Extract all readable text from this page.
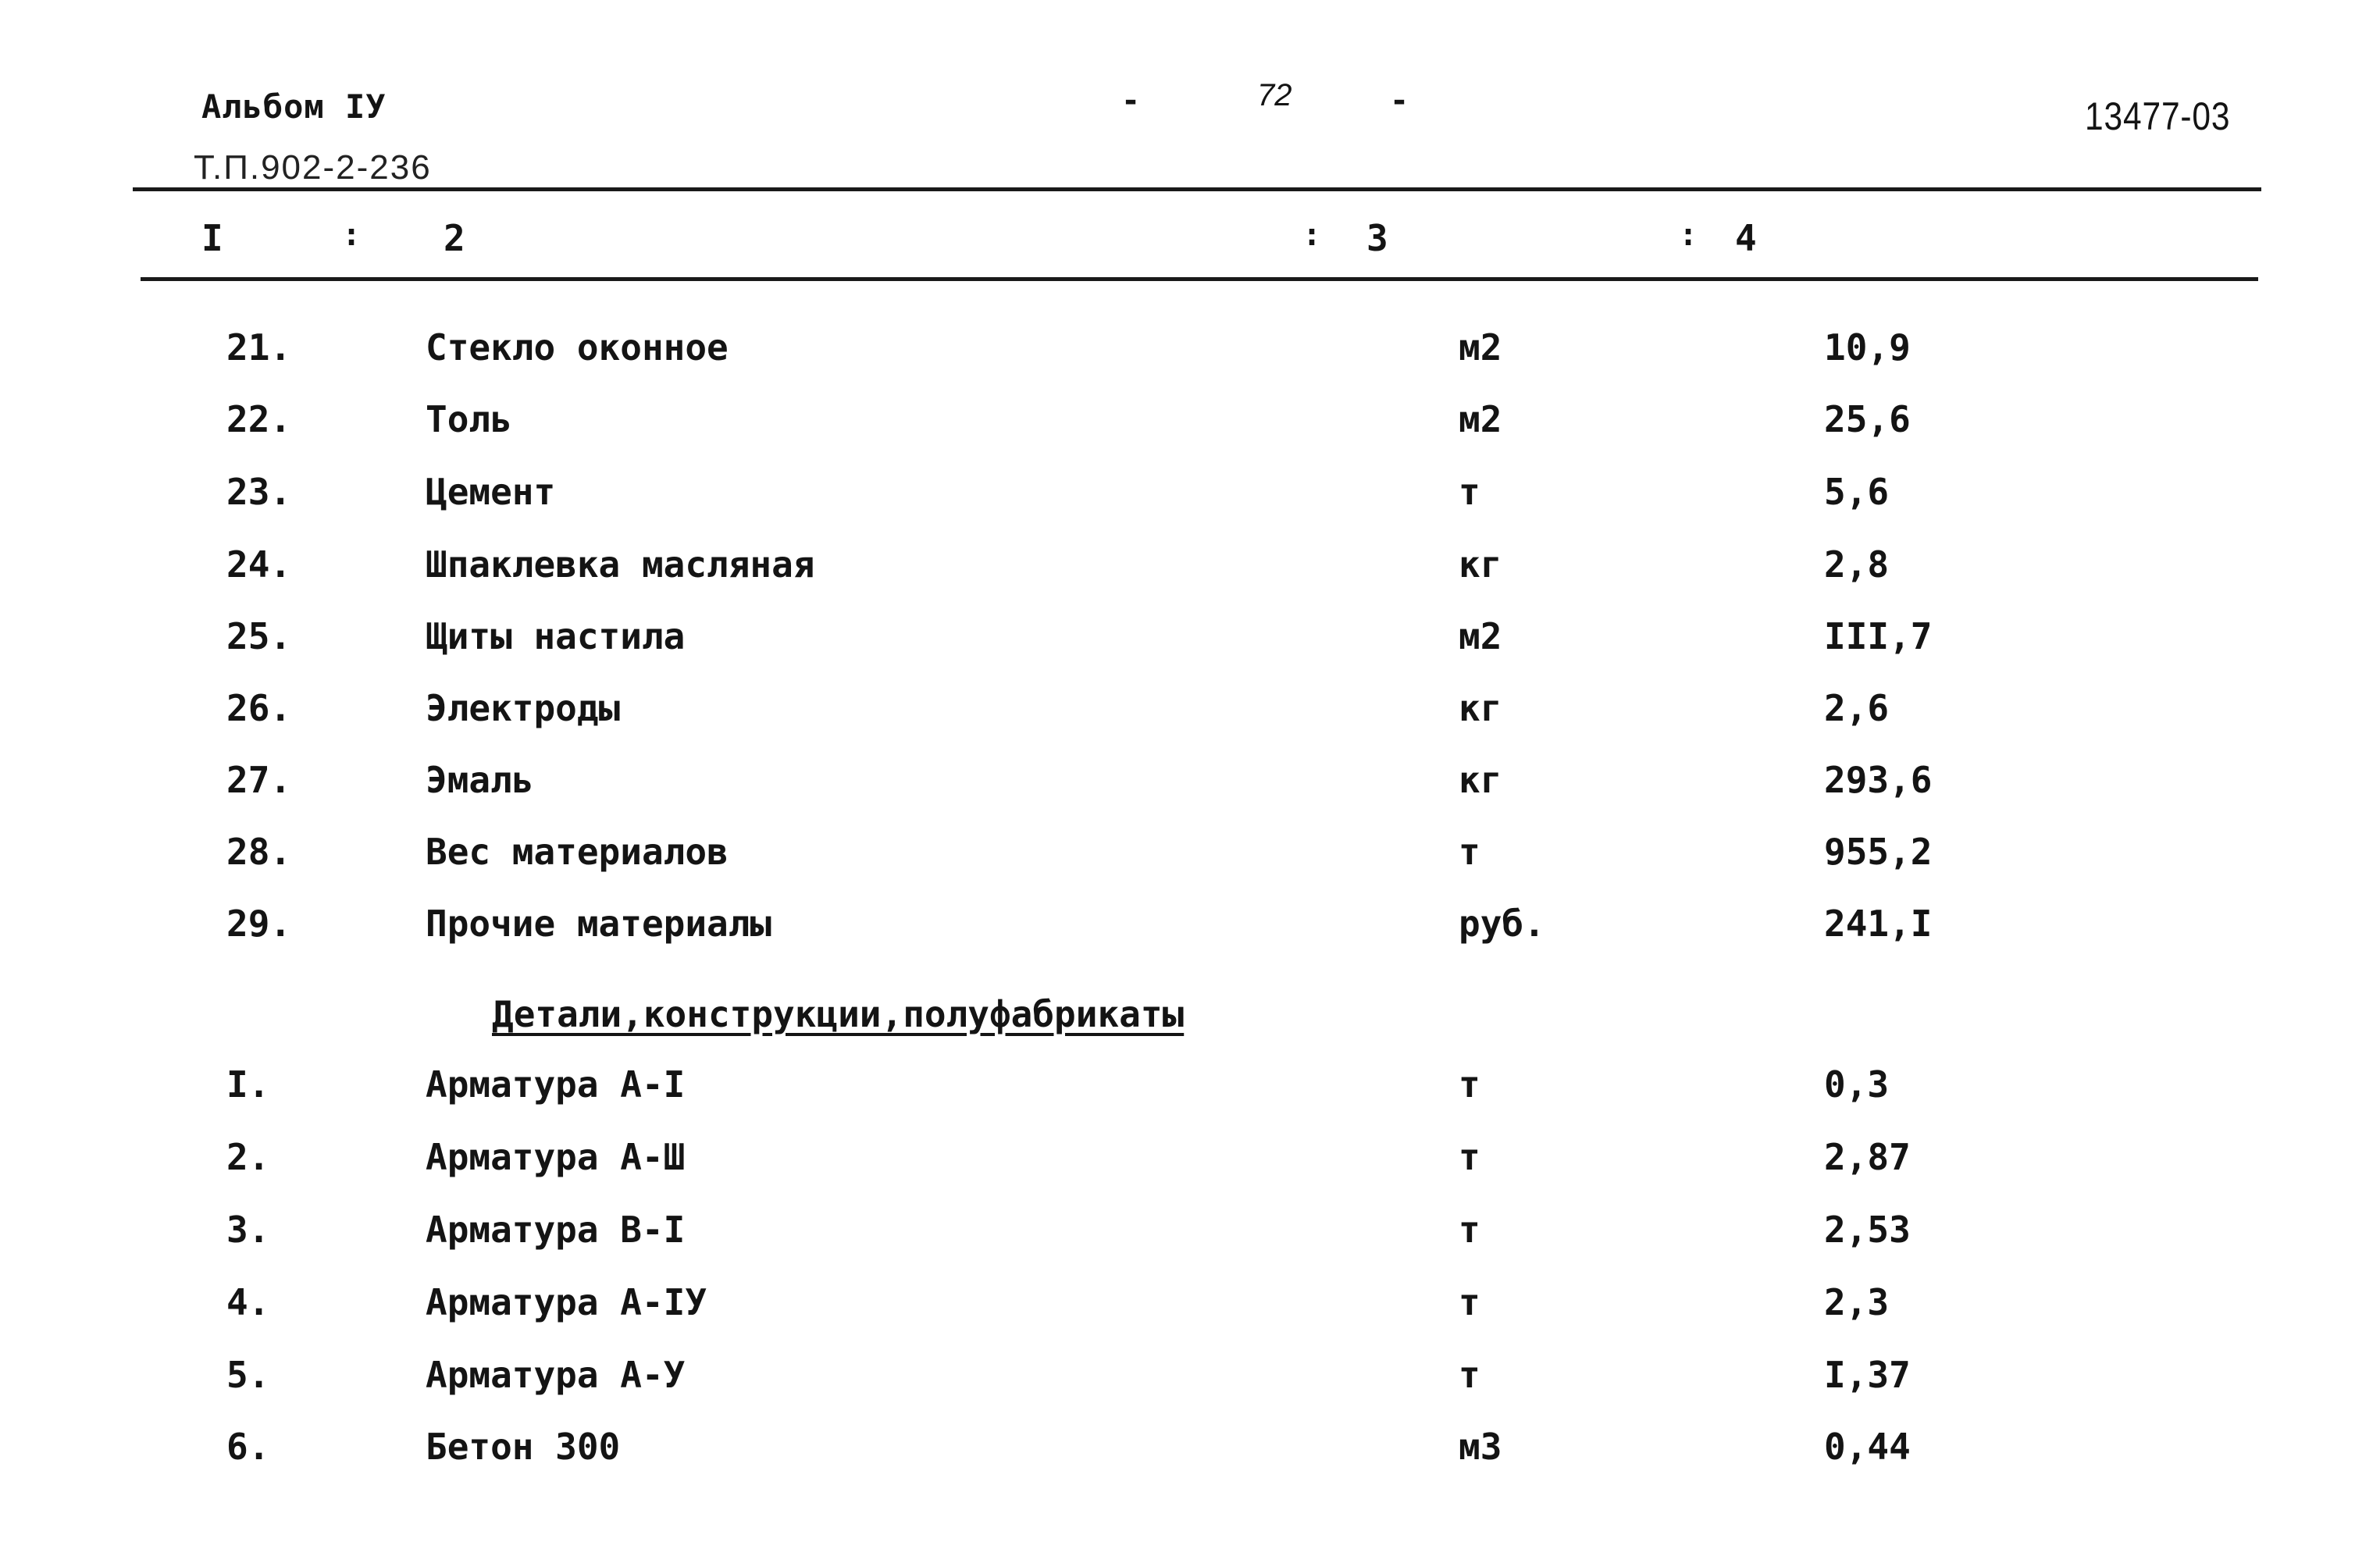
Альбом IУ
Т.П.902-2-236
-	72	-	13477-03
I	: 2	: 3	: 4
21.	Стекло оконное	м2	10,9
22.	Толь	м2	25,6
23.	Цемент	т	5,6
24.	Шпаклевка масляная	кг	2,8
25.	Щиты настила	м2	III,7
26.	Электроды	кг	2,6
27.	Эмаль	кг	293,6
28.	Вес материалов	т	955,2
29.	Прочие материалы	руб.	241,I
Детали,конструкции,полуфабрикаты
I.	Арматура А-I	т	0,3
2.	Арматура А-Ш	т	2,87
3.	Арматура В-I	т	2,53
4.	Арматура А-IУ	т	2,3
5.	Арматура А-У	т	I,37
6.	Бетон 300	м3	0,44
